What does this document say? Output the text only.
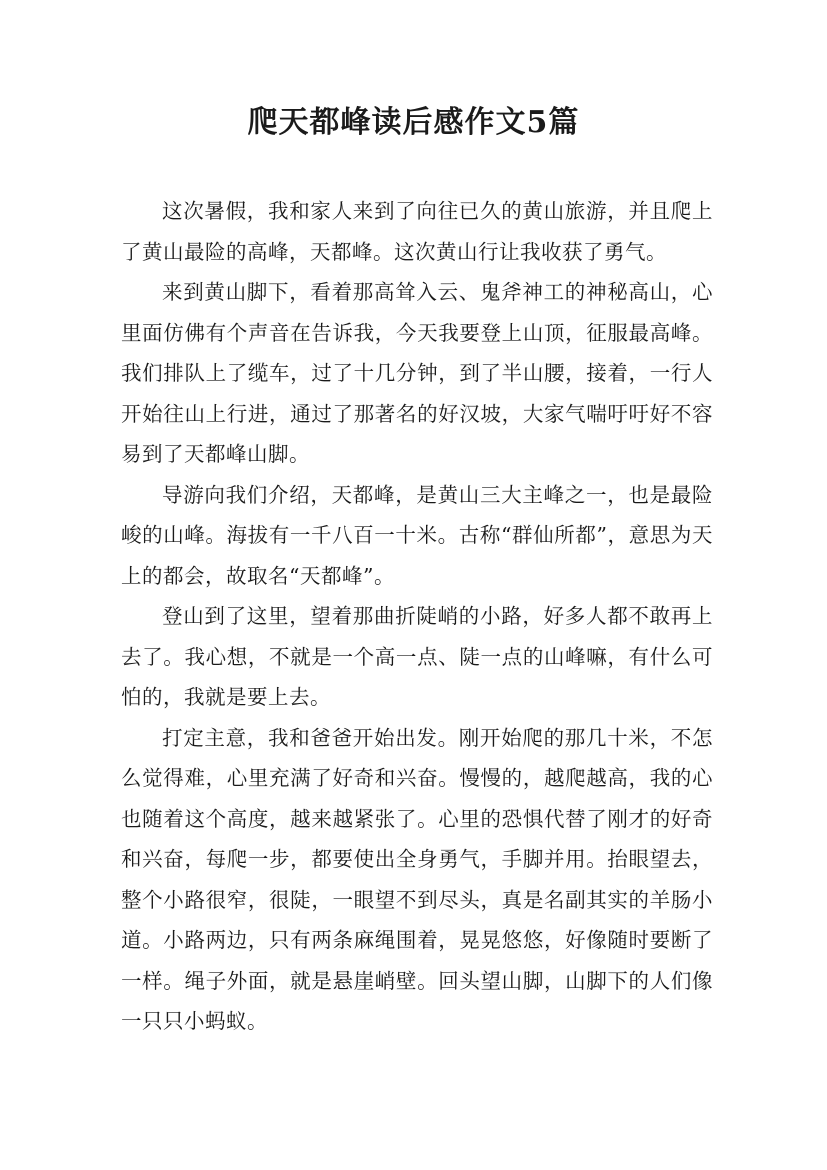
爬天都峰读后感作文5篇

这次暑假，我和家人来到了向往已久的黄山旅游，并且爬上了黄山最险的高峰，天都峰。这次黄山行让我收获了勇气。

来到黄山脚下，看着那高耸入云、鬼斧神工的神秘高山，心里面仿佛有个声音在告诉我，今天我要登上山顶，征服最高峰。我们排队上了缆车，过了十几分钟，到了半山腰，接着，一行人开始往山上行进，通过了那著名的好汉坡，大家气喘吁吁好不容易到了天都峰山脚。

导游向我们介绍，天都峰，是黄山三大主峰之一，也是最险峻的山峰。海拔有一千八百一十米。古称“群仙所都”，意思为天上的都会，故取名“天都峰”。

登山到了这里，望着那曲折陡峭的小路，好多人都不敢再上去了。我心想，不就是一个高一点、陡一点的山峰嘛，有什么可怕的，我就是要上去。

打定主意，我和爸爸开始出发。刚开始爬的那几十米，不怎么觉得难，心里充满了好奇和兴奋。慢慢的，越爬越高，我的心也随着这个高度，越来越紧张了。心里的恐惧代替了刚才的好奇和兴奋，每爬一步，都要使出全身勇气，手脚并用。抬眼望去，整个小路很窄，很陡，一眼望不到尽头，真是名副其实的羊肠小道。小路两边，只有两条麻绳围着，晃晃悠悠，好像随时要断了一样。绳子外面，就是悬崖峭壁。回头望山脚，山脚下的人们像一只只小蚂蚁。
